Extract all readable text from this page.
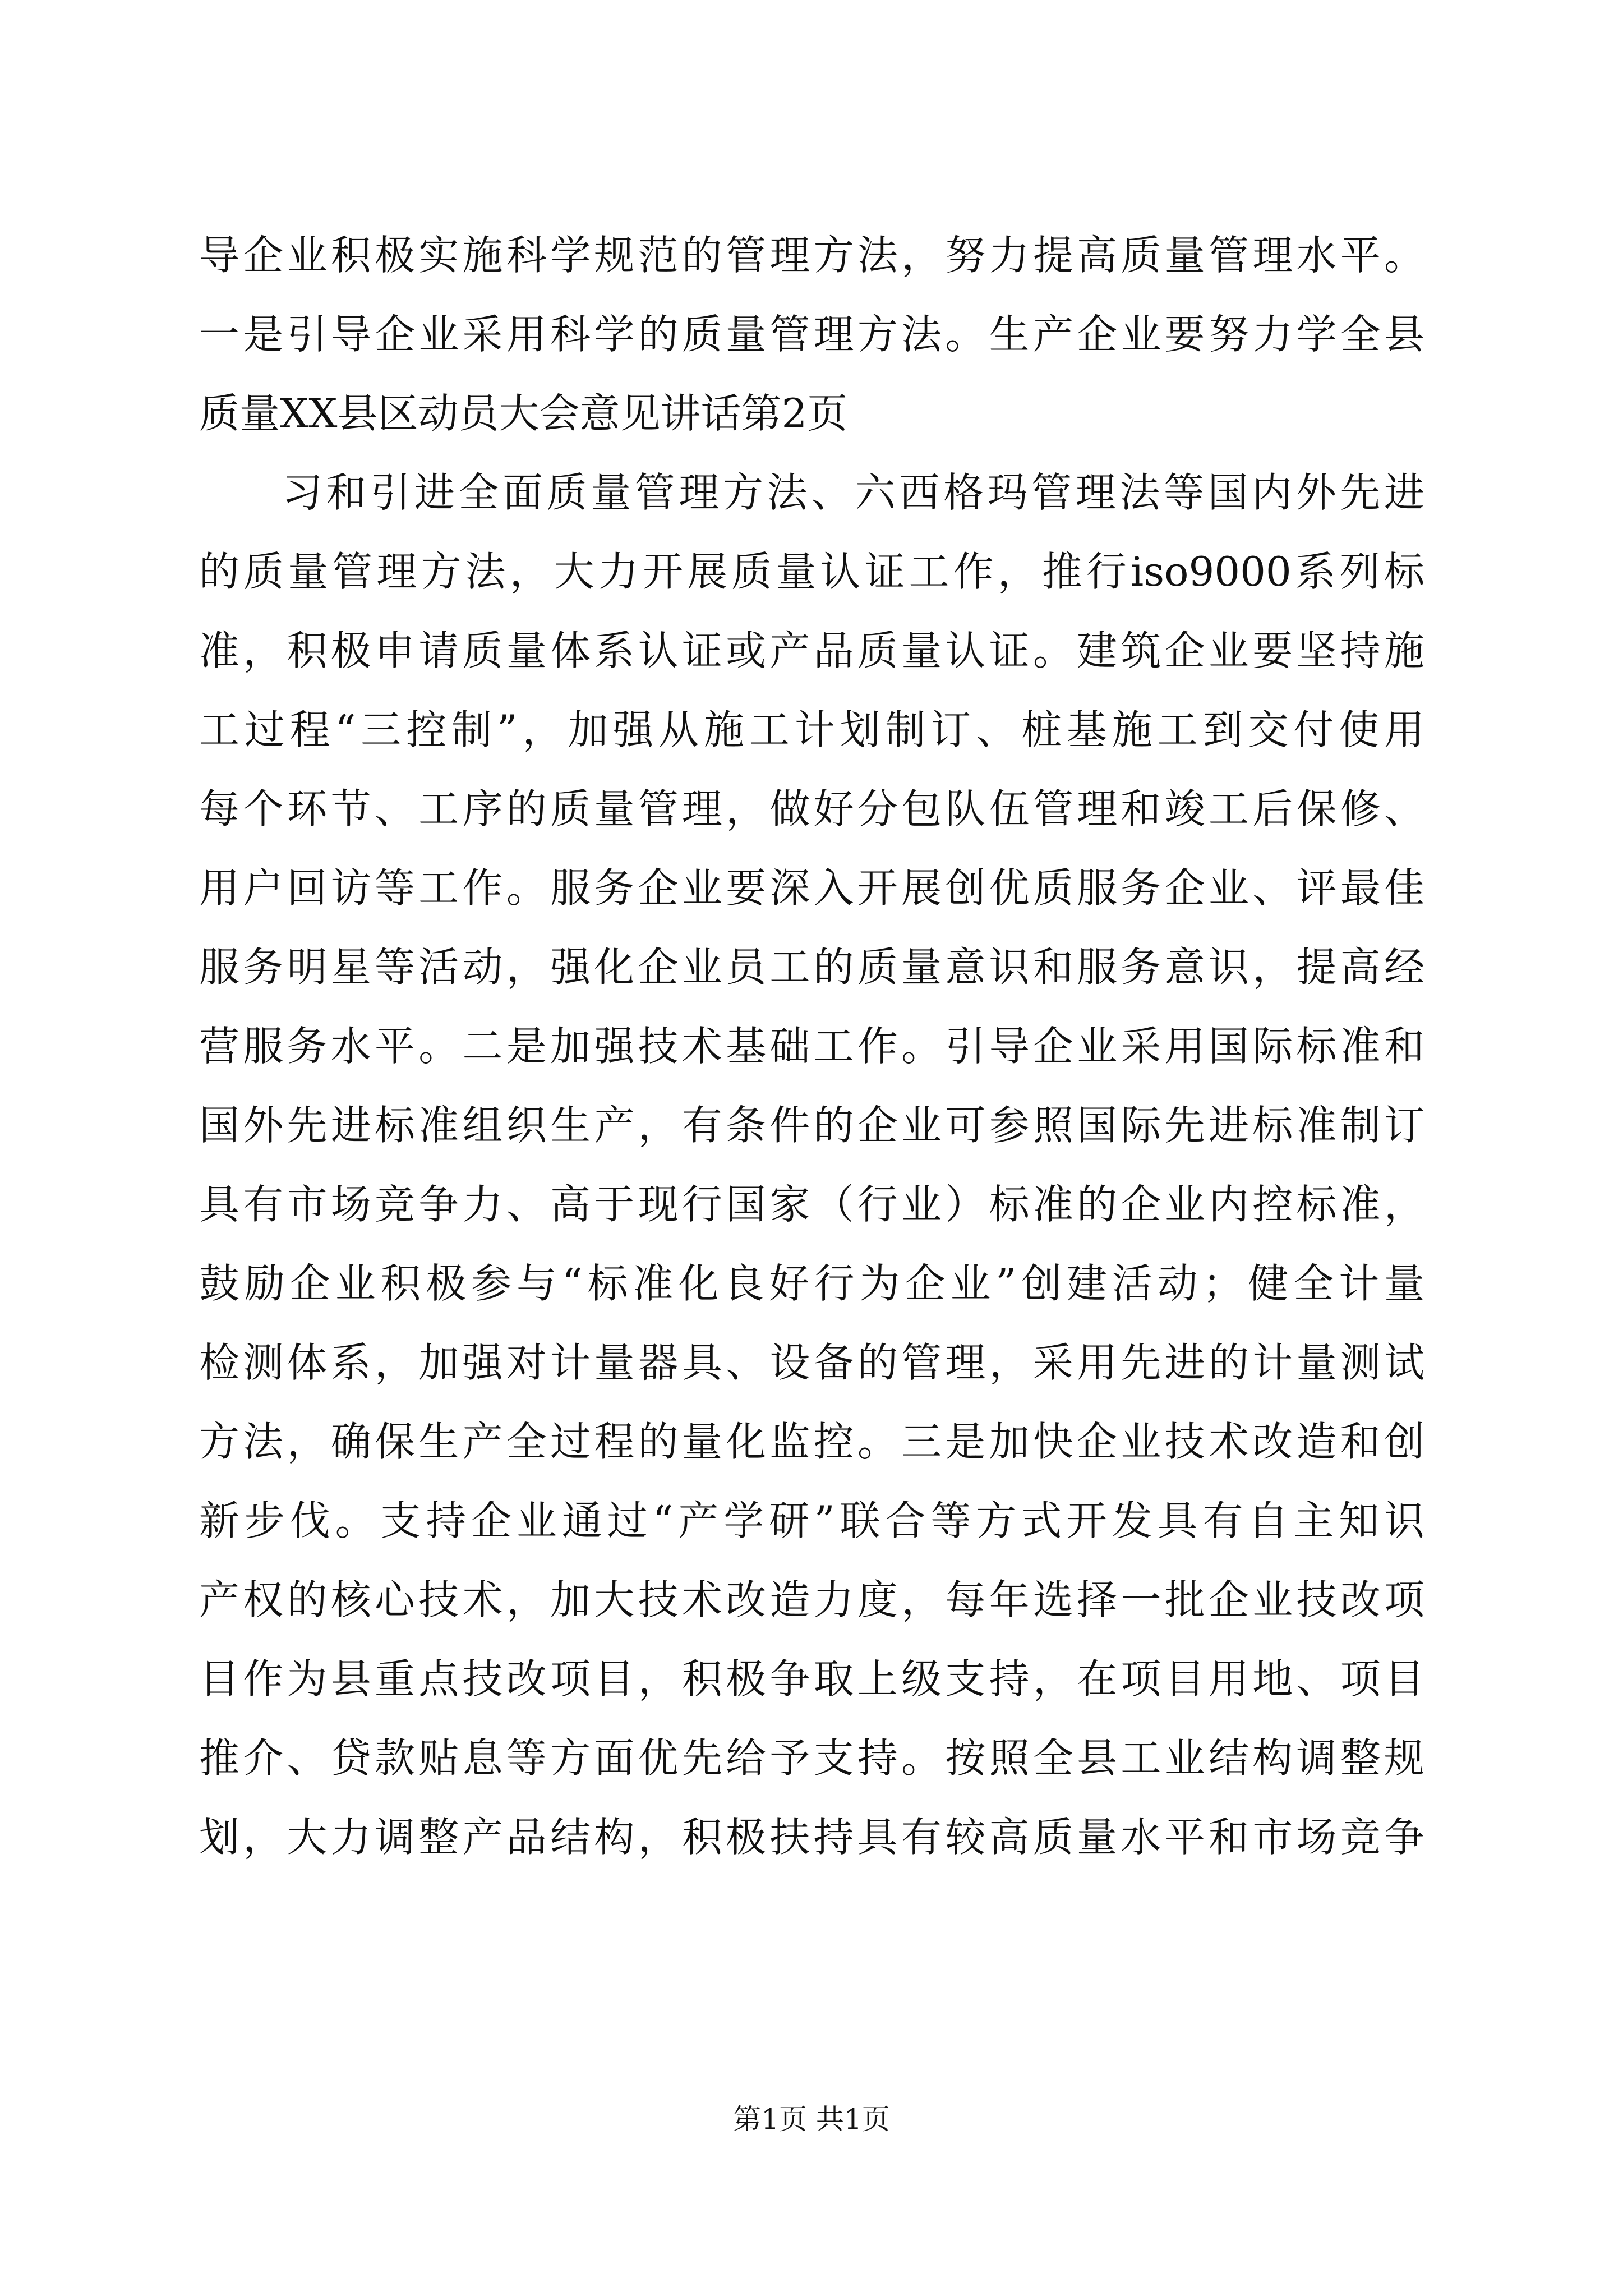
导企业积极实施科学规范的管理方法，努力提高质量管理水平。
一是引导企业采用科学的质量管理方法。生产企业要努力学全县
质量XX县区动员大会意见讲话第2页
习和引进全面质量管理方法、六西格玛管理法等国内外先进
的质量管理方法，大力开展质量认证工作，推行iso9000系列标
准，积极申请质量体系认证或产品质量认证。建筑企业要坚持施
工过程“三控制”，加强从施工计划制订、桩基施工到交付使用
每个环节、工序的质量管理，做好分包队伍管理和竣工后保修、
用户回访等工作。服务企业要深入开展创优质服务企业、评最佳
服务明星等活动，强化企业员工的质量意识和服务意识，提高经
营服务水平。二是加强技术基础工作。引导企业采用国际标准和
国外先进标准组织生产，有条件的企业可参照国际先进标准制订
具有市场竞争力、高于现行国家（行业）标准的企业内控标准，
鼓励企业积极参与“标准化良好行为企业”创建活动；健全计量
检测体系，加强对计量器具、设备的管理，采用先进的计量测试
方法，确保生产全过程的量化监控。三是加快企业技术改造和创
新步伐。支持企业通过“产学研”联合等方式开发具有自主知识
产权的核心技术，加大技术改造力度，每年选择一批企业技改项
目作为县重点技改项目，积极争取上级支持，在项目用地、项目
推介、贷款贴息等方面优先给予支持。按照全县工业结构调整规
划，大力调整产品结构，积极扶持具有较高质量水平和市场竞争
第1页 共1页
